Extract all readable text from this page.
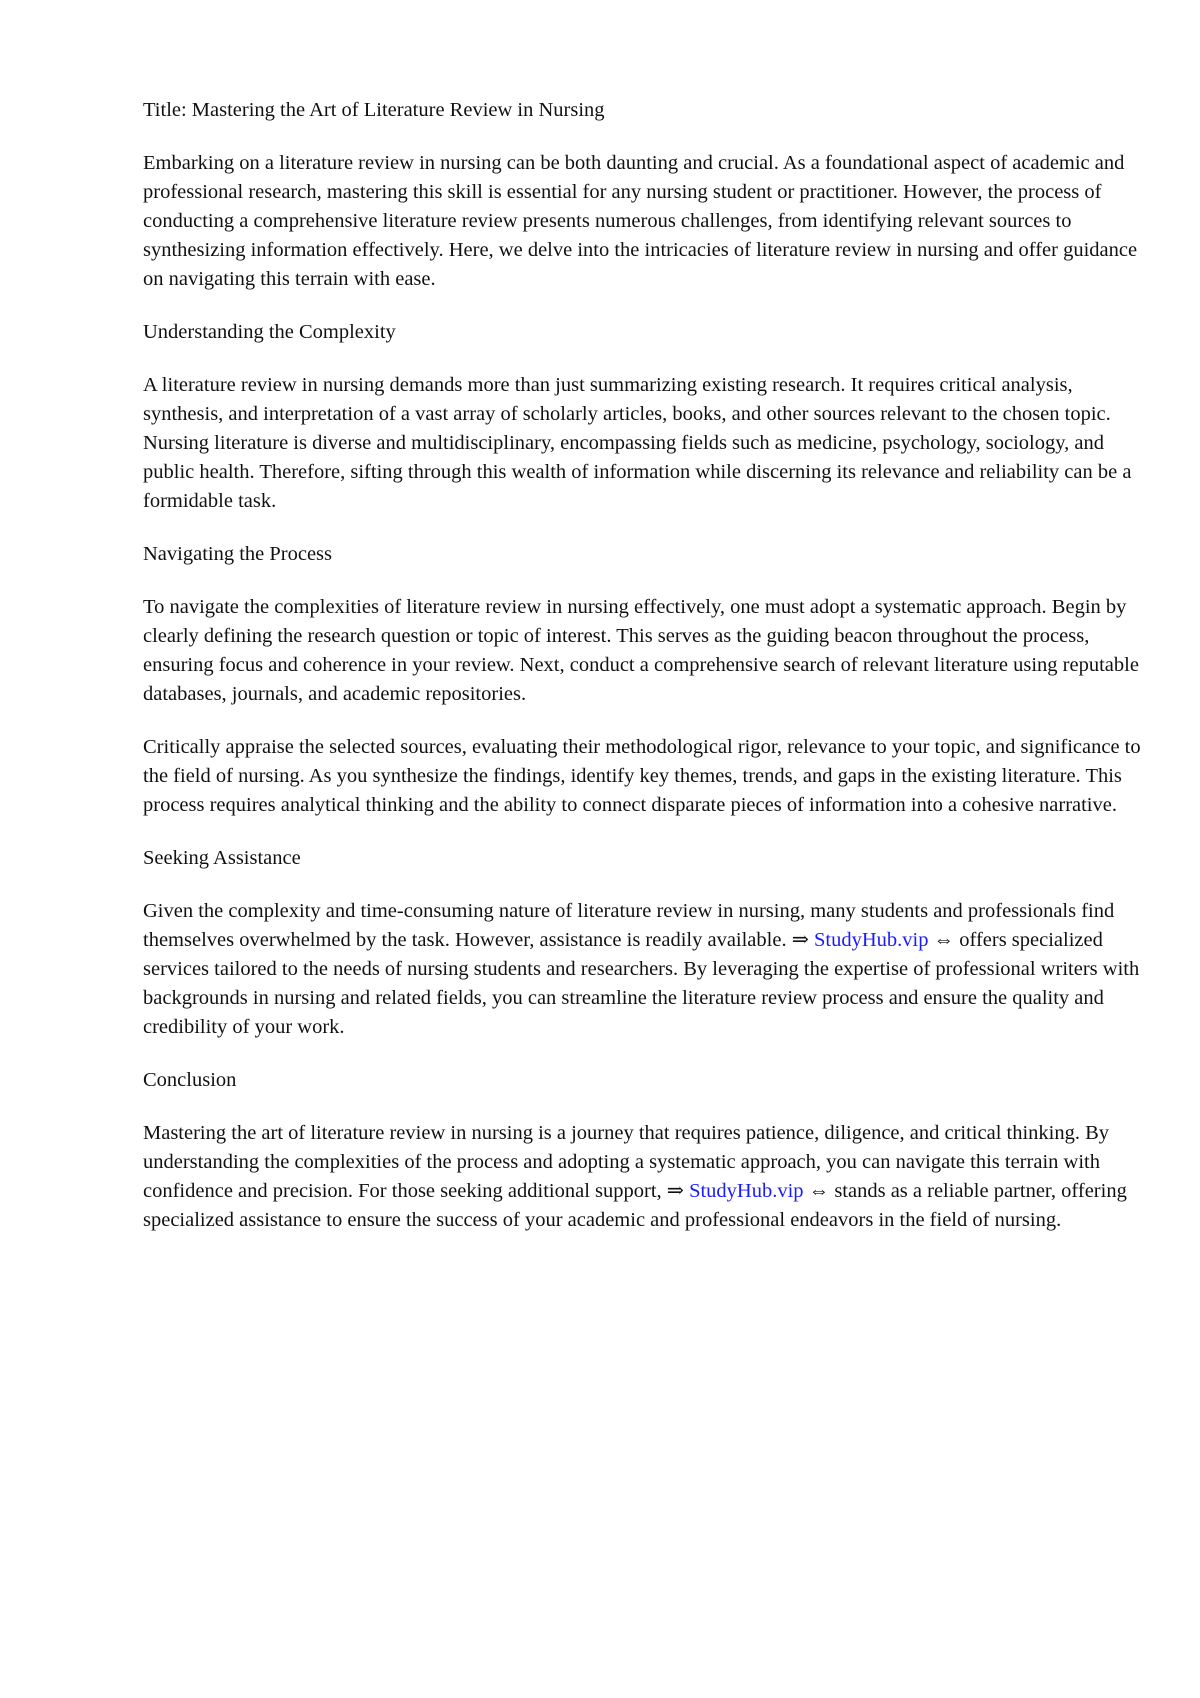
Title: Mastering the Art of Literature Review in Nursing

Embarking on a literature review in nursing can be both daunting and crucial. As a foundational aspect of academic and professional research, mastering this skill is essential for any nursing student or practitioner. However, the process of conducting a comprehensive literature review presents numerous challenges, from identifying relevant sources to synthesizing information effectively. Here, we delve into the intricacies of literature review in nursing and offer guidance on navigating this terrain with ease.

Understanding the Complexity

A literature review in nursing demands more than just summarizing existing research. It requires critical analysis, synthesis, and interpretation of a vast array of scholarly articles, books, and other sources relevant to the chosen topic. Nursing literature is diverse and multidisciplinary, encompassing fields such as medicine, psychology, sociology, and public health. Therefore, sifting through this wealth of information while discerning its relevance and reliability can be a formidable task.

Navigating the Process

To navigate the complexities of literature review in nursing effectively, one must adopt a systematic approach. Begin by clearly defining the research question or topic of interest. This serves as the guiding beacon throughout the process, ensuring focus and coherence in your review. Next, conduct a comprehensive search of relevant literature using reputable databases, journals, and academic repositories.

Critically appraise the selected sources, evaluating their methodological rigor, relevance to your topic, and significance to the field of nursing. As you synthesize the findings, identify key themes, trends, and gaps in the existing literature. This process requires analytical thinking and the ability to connect disparate pieces of information into a cohesive narrative.

Seeking Assistance

Given the complexity and time-consuming nature of literature review in nursing, many students and professionals find themselves overwhelmed by the task. However, assistance is readily available. ⇒ StudyHub.vip ⇔ offers specialized services tailored to the needs of nursing students and researchers. By leveraging the expertise of professional writers with backgrounds in nursing and related fields, you can streamline the literature review process and ensure the quality and credibility of your work.

Conclusion

Mastering the art of literature review in nursing is a journey that requires patience, diligence, and critical thinking. By understanding the complexities of the process and adopting a systematic approach, you can navigate this terrain with confidence and precision. For those seeking additional support, ⇒ StudyHub.vip ⇔ stands as a reliable partner, offering specialized assistance to ensure the success of your academic and professional endeavors in the field of nursing.
